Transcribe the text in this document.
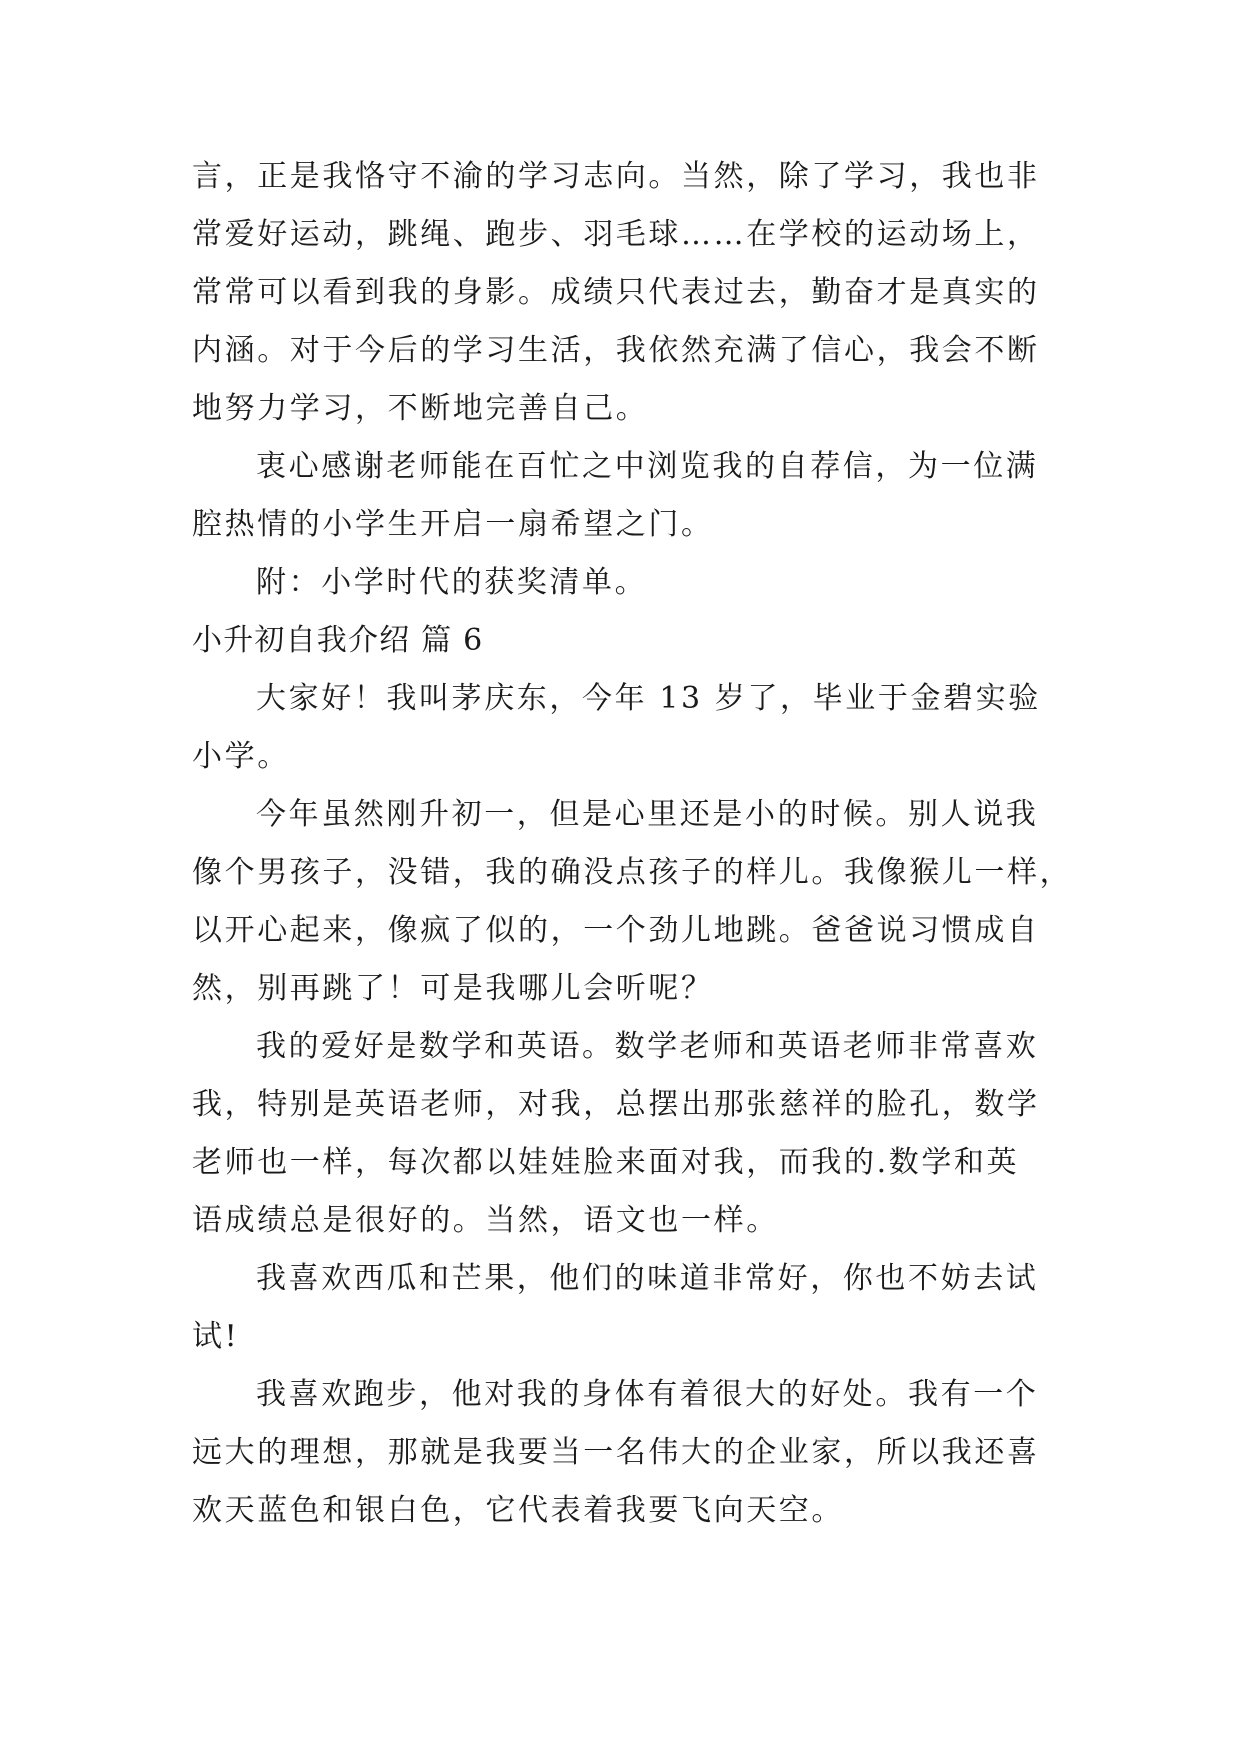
言，正是我恪守不渝的学习志向。当然，除了学习，我也非
常爱好运动，跳绳、跑步、羽毛球……在学校的运动场上，
常常可以看到我的身影。成绩只代表过去，勤奋才是真实的
内涵。对于今后的学习生活，我依然充满了信心，我会不断
地努力学习，不断地完善自己。
衷心感谢老师能在百忙之中浏览我的自荐信，为一位满
腔热情的小学生开启一扇希望之门。
附：小学时代的获奖清单。
小升初自我介绍 篇 6
大家好！我叫茅庆东，今年 13 岁了，毕业于金碧实验
小学。
今年虽然刚升初一，但是心里还是小的时候。别人说我
像个男孩子，没错，我的确没点孩子的样儿。我像猴儿一样，
以开心起来，像疯了似的，一个劲儿地跳。爸爸说习惯成自
然，别再跳了！可是我哪儿会听呢？
我的爱好是数学和英语。数学老师和英语老师非常喜欢
我，特别是英语老师，对我，总摆出那张慈祥的脸孔，数学
老师也一样，每次都以娃娃脸来面对我，而我的.数学和英
语成绩总是很好的。当然，语文也一样。
我喜欢西瓜和芒果，他们的味道非常好，你也不妨去试
试!
我喜欢跑步，他对我的身体有着很大的好处。我有一个
远大的理想，那就是我要当一名伟大的企业家，所以我还喜
欢天蓝色和银白色，它代表着我要飞向天空。
